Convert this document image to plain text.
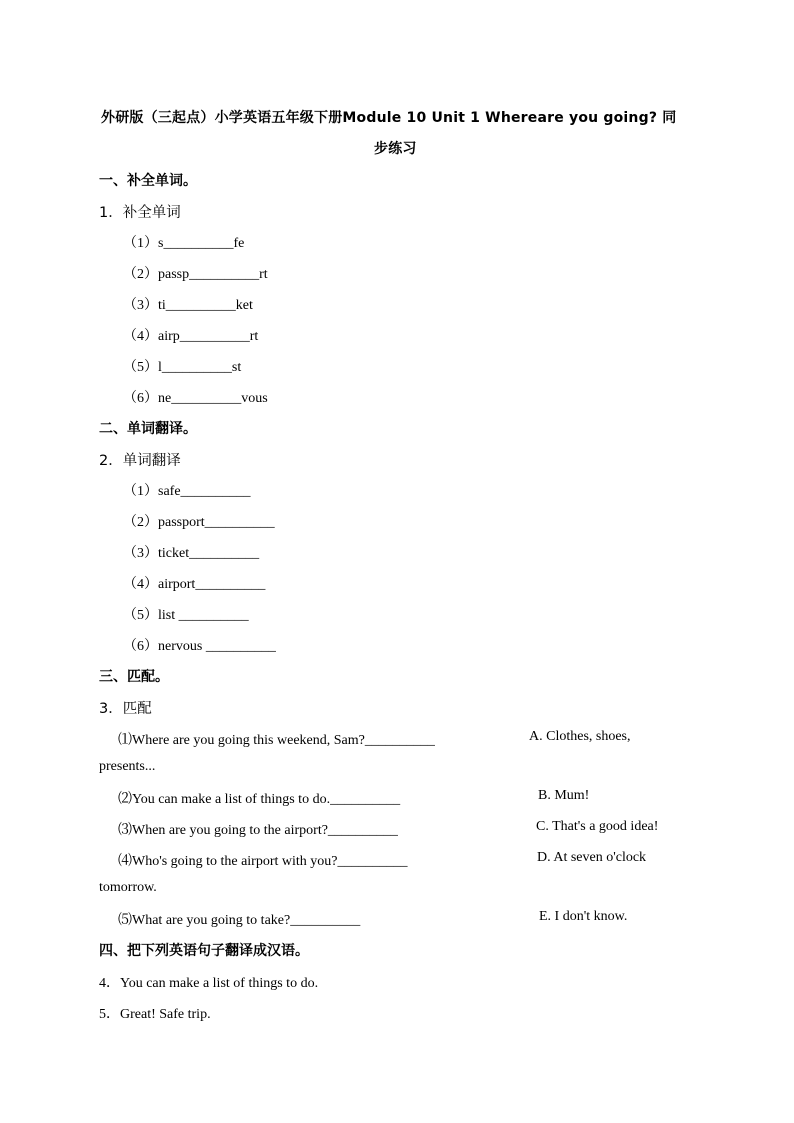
外研版（三起点）小学英语五年级下册Module 10 Unit 1 Whereare you going? 同
步练习
一、补全单词。
1．补全单词
（1）s__________fe
（2）passp__________rt
（3）ti__________ket
（4）airp__________rt
（5）l__________st
（6）ne__________vous
二、单词翻译。
2．单词翻译
（1）safe__________
（2）passport__________
（3）ticket__________
（4）airport__________
（5）list __________
（6）nervous __________
三、匹配。
3．匹配
⑴Where are you going this weekend, Sam?__________	A. Clothes, shoes,
presents...
⑵You can make a list of things to do.__________	B. Mum!
⑶When are you going to the airport?__________	C. That's a good idea!
⑷Who's going to the airport with you?__________	D. At seven o'clock
tomorrow.
⑸What are you going to take?__________	E. I don't know.
四、把下列英语句子翻译成汉语。
4．You can make a list of things to do.
5．Great! Safe trip.
